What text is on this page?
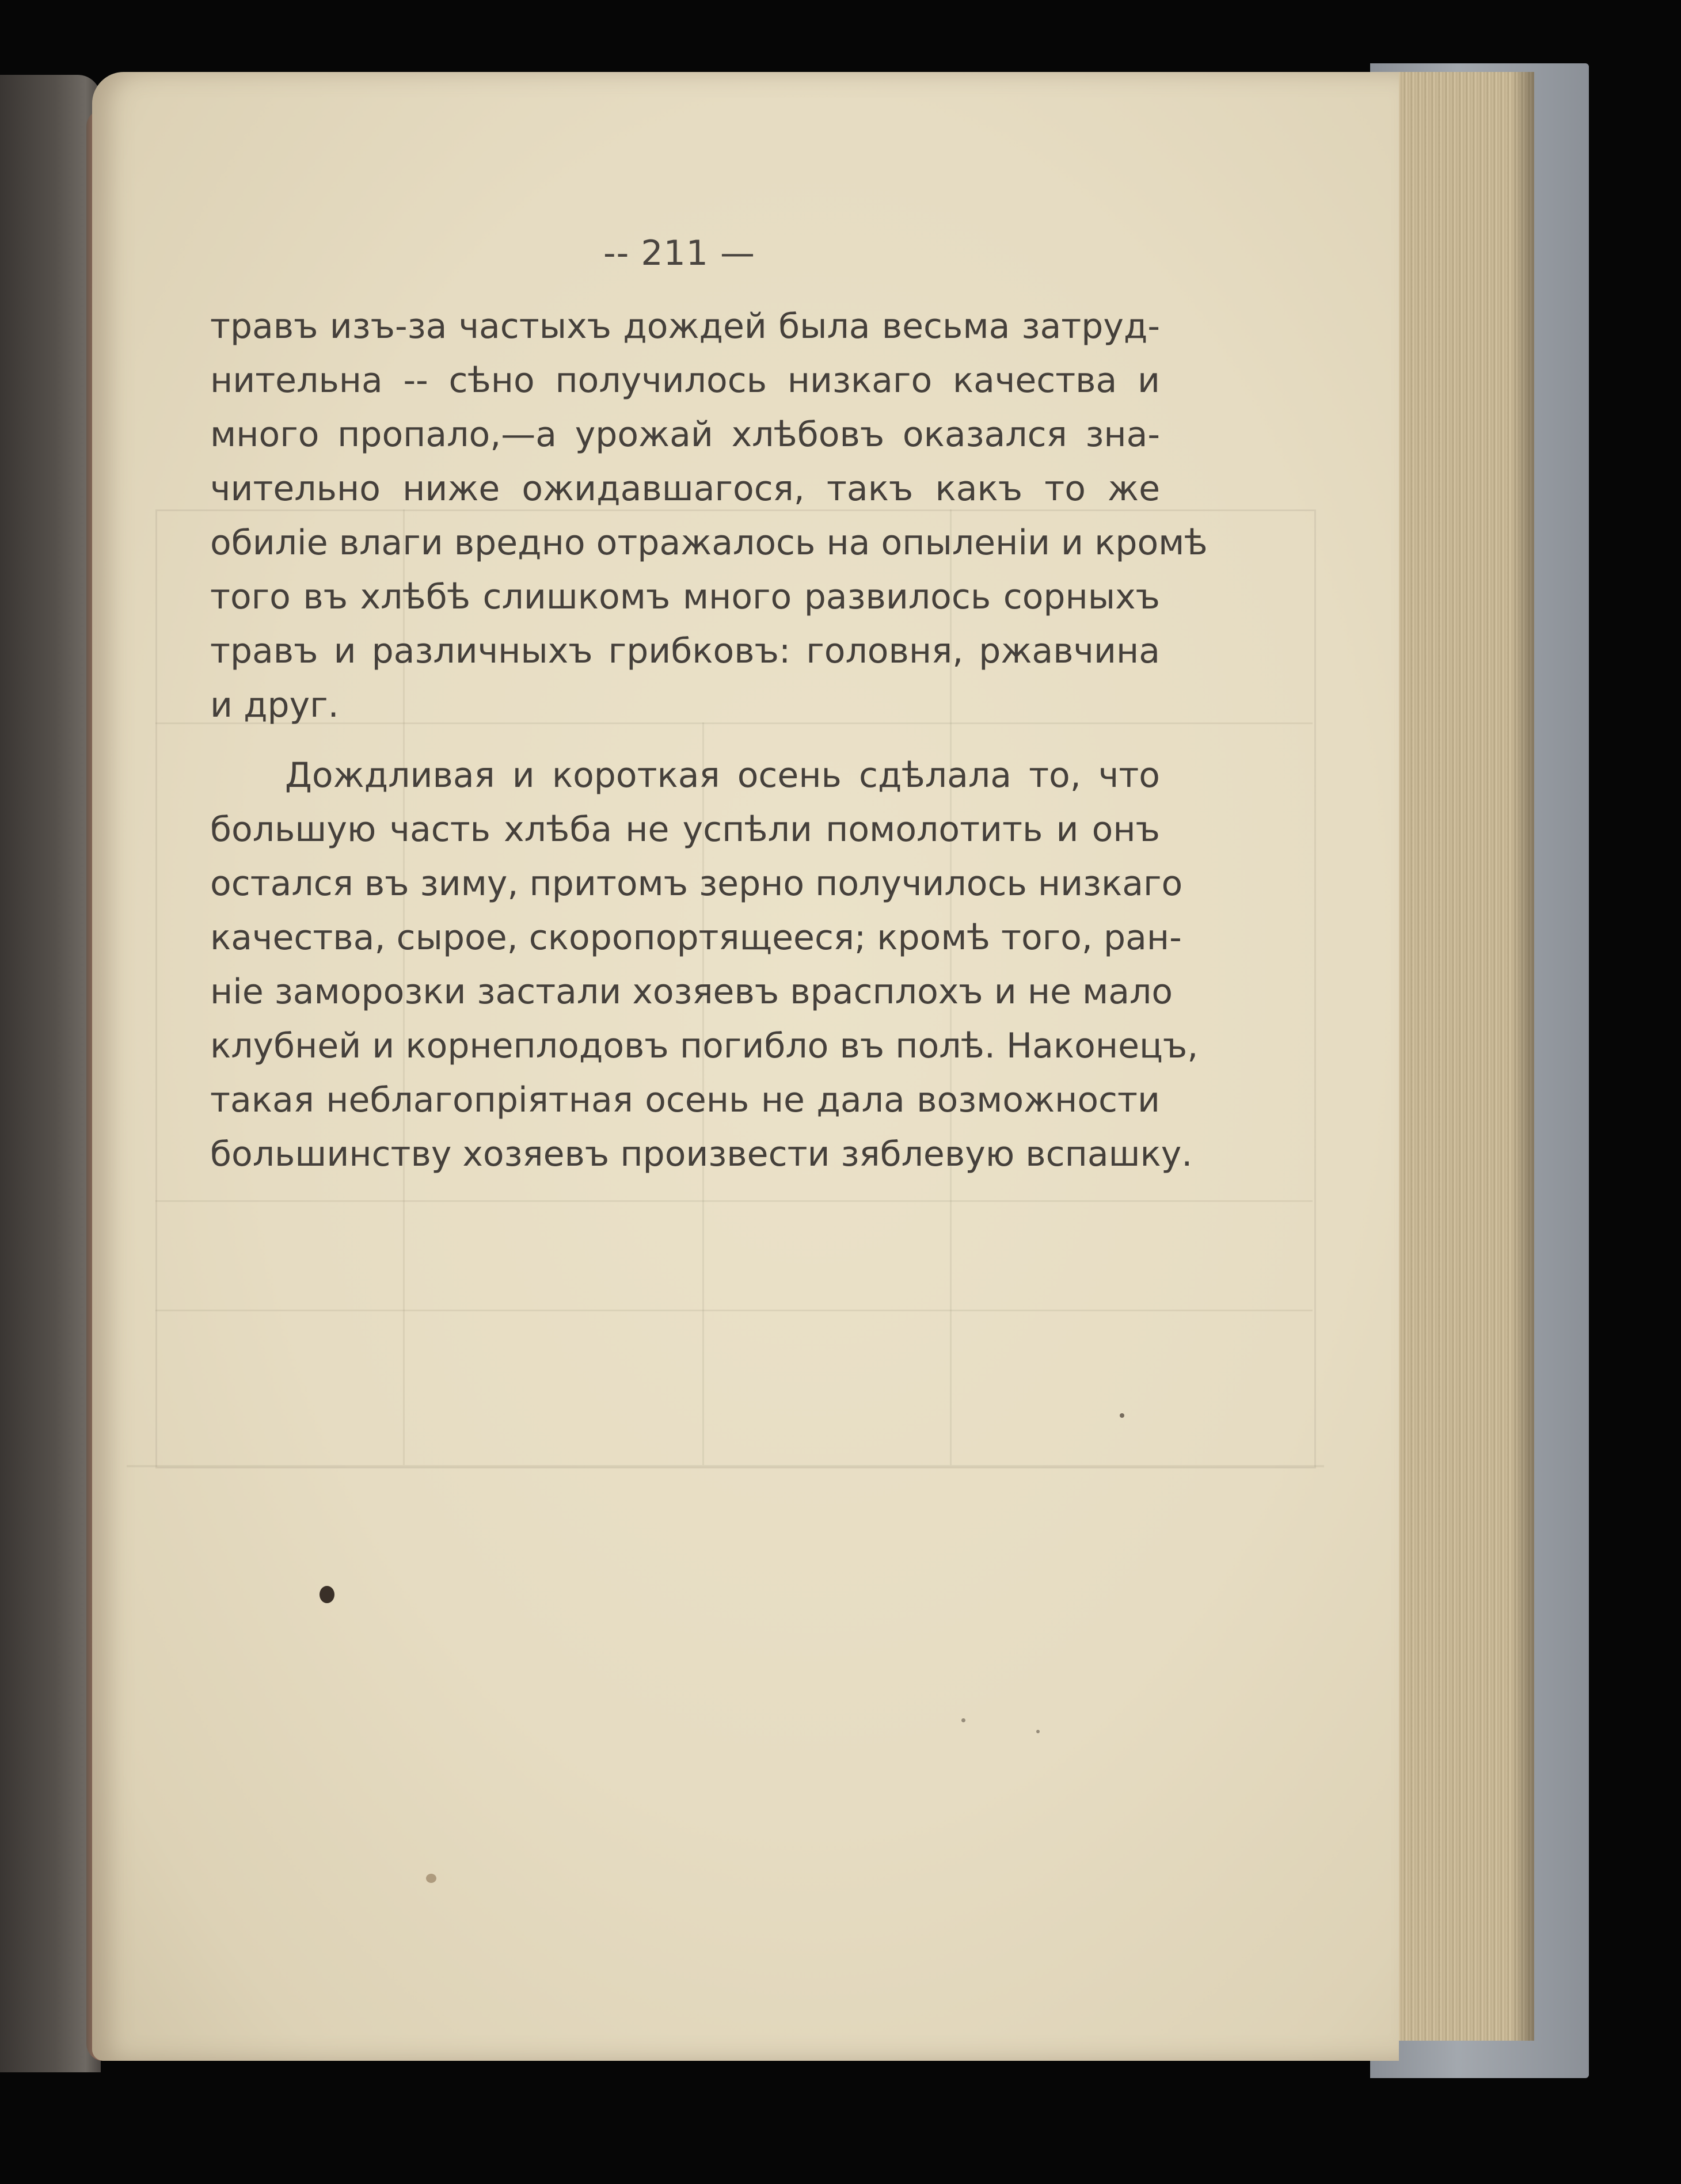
-- 211 —
травъ изъ-за частыхъ дождей была весьма затруд-
нительна -- сѣно получилось низкаго качества и
много пропало,—а урожай хлѣбовъ оказался зна-
чительно ниже ожидавшагося, такъ какъ то же
обиліе влаги вредно отражалось на опыленіи и кромѣ
того въ хлѣбѣ слишкомъ много развилось сорныхъ
травъ и различныхъ грибковъ: головня, ржавчина
и друг.
Дождливая и короткая осень сдѣлала то, что
большую часть хлѣба не успѣли помолотить и онъ
остался въ зиму, притомъ зерно получилось низкаго
качества, сырое, скоропортящееся; кромѣ того, ран-
ніе заморозки застали хозяевъ врасплохъ и не мало
клубней и корнеплодовъ погибло въ полѣ. Наконецъ,
такая неблагопріятная осень не дала возможности
большинству хозяевъ произвести зяблевую вспашку.
